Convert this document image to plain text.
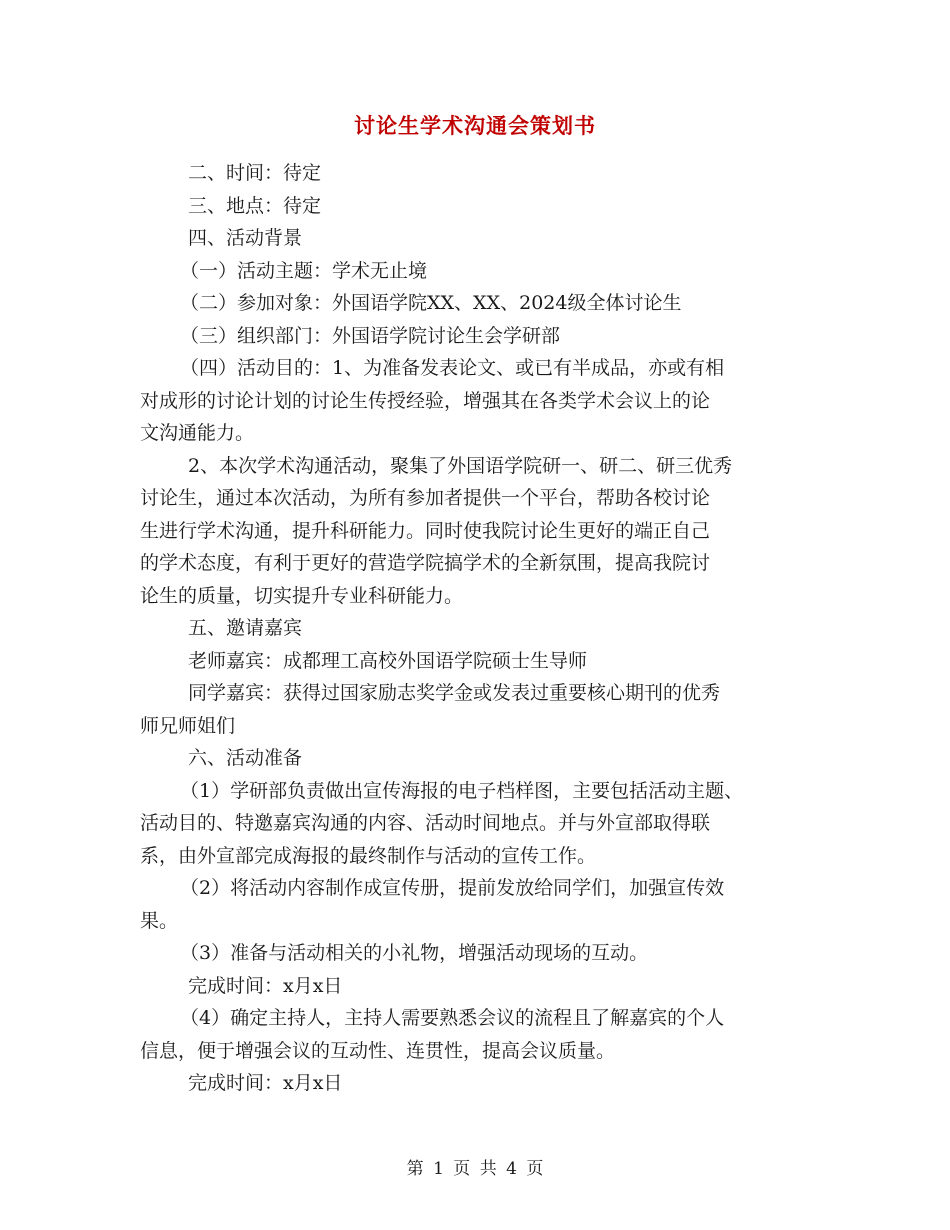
讨论生学术沟通会策划书

二、时间：待定

三、地点：待定

四、活动背景

（一）活动主题：学术无止境

（二）参加对象：外国语学院XX、XX、2024级全体讨论生

（三）组织部门：外国语学院讨论生会学研部

（四）活动目的：1、为准备发表论文、或已有半成品，亦或有相

对成形的讨论计划的讨论生传授经验，增强其在各类学术会议上的论

文沟通能力。

2、本次学术沟通活动，聚集了外国语学院研一、研二、研三优秀

讨论生，通过本次活动，为所有参加者提供一个平台，帮助各校讨论

生进行学术沟通，提升科研能力。同时使我院讨论生更好的端正自己

的学术态度，有利于更好的营造学院搞学术的全新氛围，提高我院讨

论生的质量，切实提升专业科研能力。

五、邀请嘉宾

老师嘉宾：成都理工高校外国语学院硕士生导师

同学嘉宾：获得过国家励志奖学金或发表过重要核心期刊的优秀

师兄师姐们

六、活动准备

（1）学研部负责做出宣传海报的电子档样图，主要包括活动主题、

活动目的、特邀嘉宾沟通的内容、活动时间地点。并与外宣部取得联

系，由外宣部完成海报的最终制作与活动的宣传工作。

（2）将活动内容制作成宣传册，提前发放给同学们，加强宣传效

果。

（3）准备与活动相关的小礼物，增强活动现场的互动。

完成时间：x月x日

（4）确定主持人，主持人需要熟悉会议的流程且了解嘉宾的个人

信息，便于增强会议的互动性、连贯性，提高会议质量。

完成时间：x月x日

第 1 页 共 4 页
